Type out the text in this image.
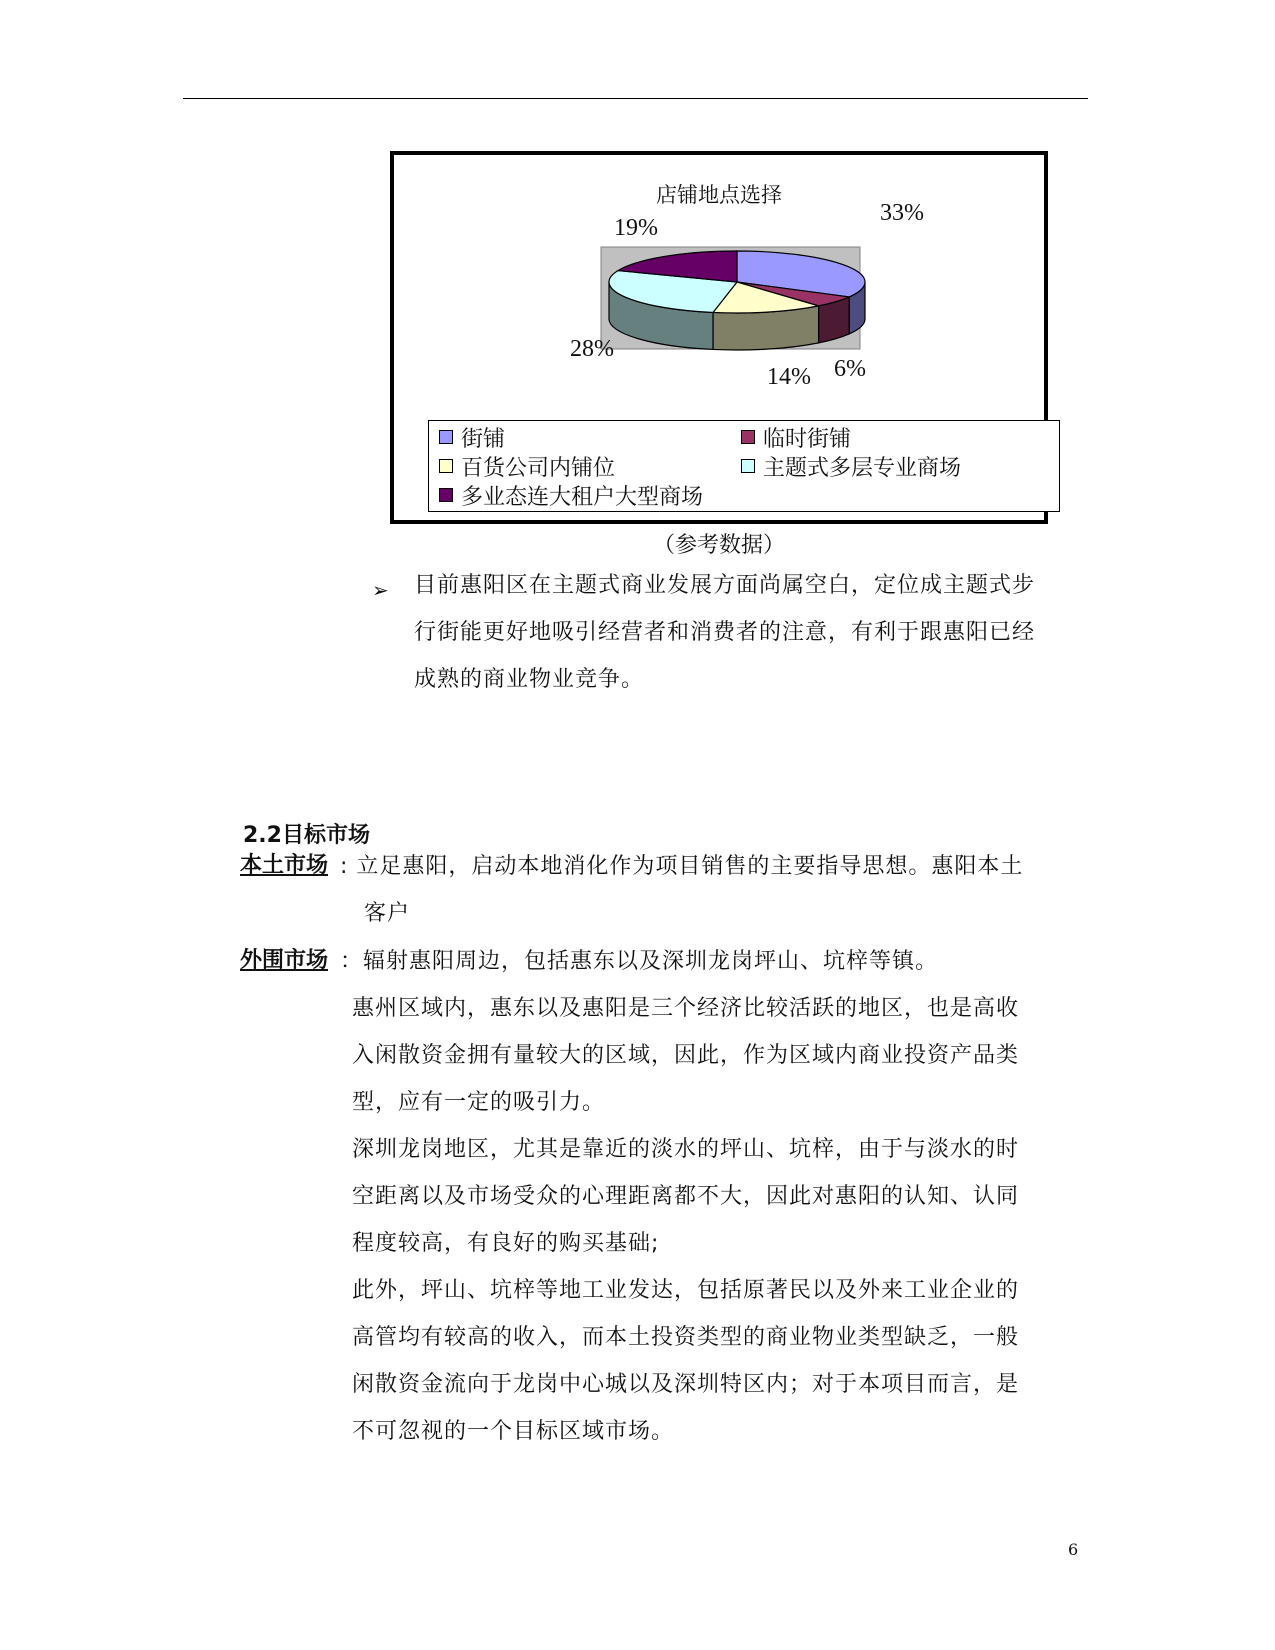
店铺地点选择
33%
6%
14%
28%
19%
街铺	临时街铺
百货公司内铺位	主题式多层专业商场
多业态连大租户大型商场
（参考数据）
➢ 目前惠阳区在主题式商业发展方面尚属空白，定位成主题式步
行街能更好地吸引经营者和消费者的注意，有利于跟惠阳已经
成熟的商业物业竞争。
2.2目标市场
本土市场 : 立足惠阳，启动本地消化作为项目销售的主要指导思想。惠阳本土
客户
外围市场 ：辐射惠阳周边，包括惠东以及深圳龙岗坪山、坑梓等镇。
惠州区域内，惠东以及惠阳是三个经济比较活跃的地区，也是高收
入闲散资金拥有量较大的区域，因此，作为区域内商业投资产品类
型，应有一定的吸引力。
深圳龙岗地区，尤其是靠近的淡水的坪山、坑梓，由于与淡水的时
空距离以及市场受众的心理距离都不大，因此对惠阳的认知、认同
程度较高，有良好的购买基础;
此外，坪山、坑梓等地工业发达，包括原著民以及外来工业企业的
高管均有较高的收入，而本土投资类型的商业物业类型缺乏，一般
闲散资金流向于龙岗中心城以及深圳特区内；对于本项目而言，是
不可忽视的一个目标区域市场。
6
